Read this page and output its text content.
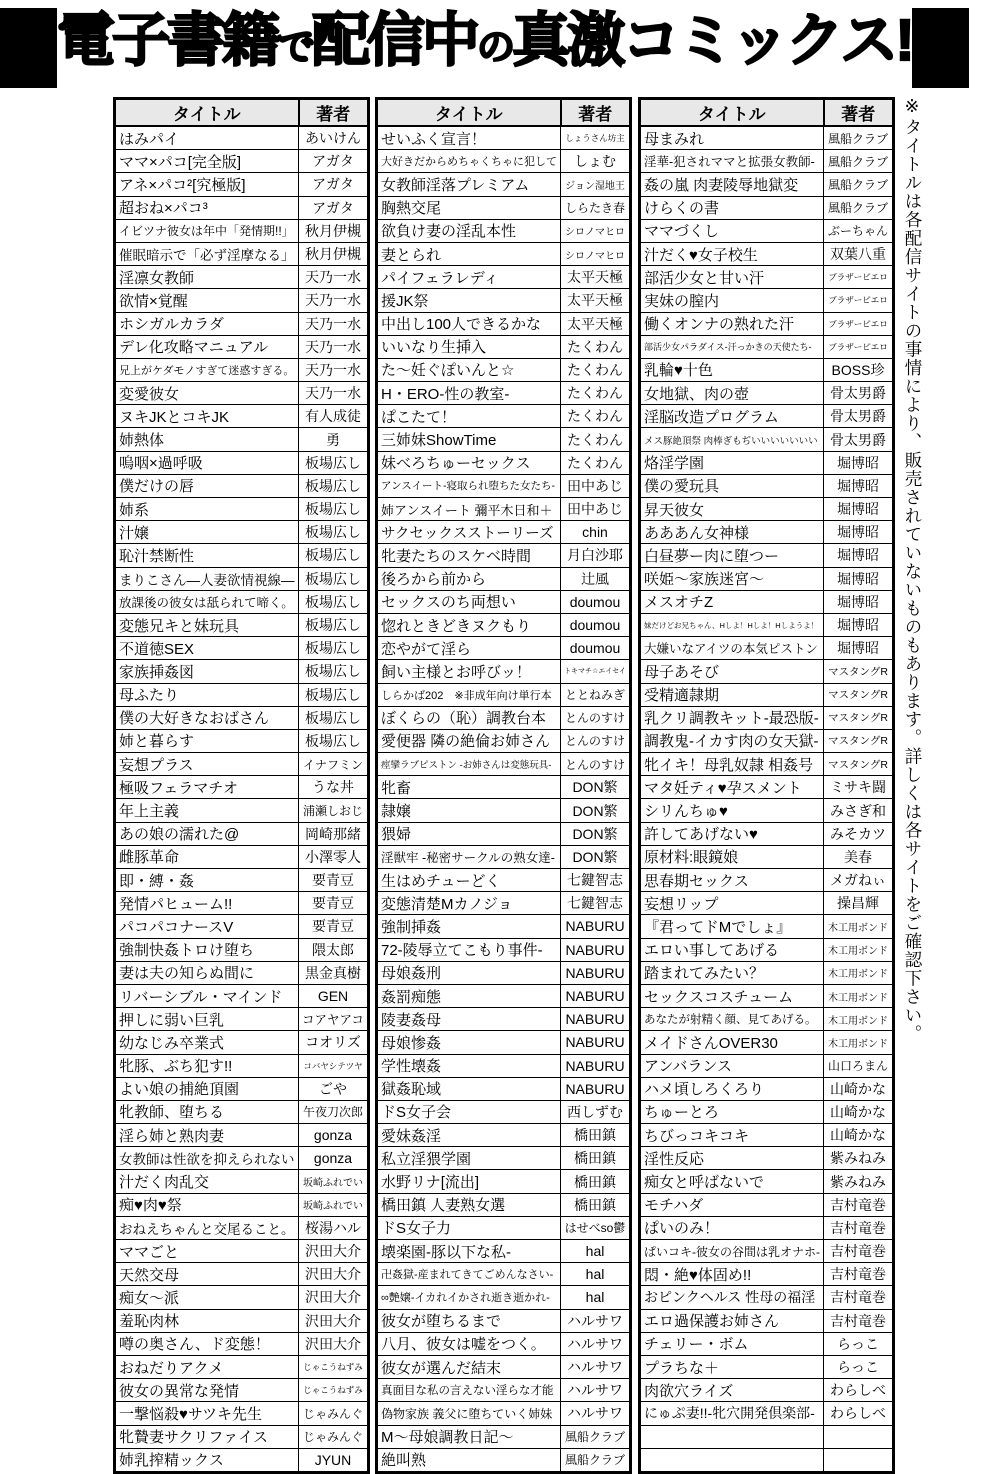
電子書籍で配信中の真激コミックス!
タイトル	著者

はみパイ	あいけん

ママ×パコ[完全版]	アガタ

アネ×パコ²[究極版]	アガタ

超おね×パコ³	アガタ

イビツナ彼女は年中「発情期!!」	秋月伊槻

催眠暗示で「必ず淫摩なる」	秋月伊槻

淫凛女教師	天乃一水

欲情×覚醒	天乃一水

ホシガルカラダ	天乃一水

デレ化攻略マニュアル	天乃一水

兄上がケダモノすぎて迷惑すぎる。	天乃一水

変愛彼女	天乃一水

ヌキJKとコキJK	有人成徒

姉熱体	勇

嗚咽×過呼吸	板場広し

僕だけの唇	板場広し

姉系	板場広し

汁嬢	板場広し

恥汁禁断性	板場広し

まりこさん―人妻欲情視線―	板場広し

放課後の彼女は舐られて啼く。	板場広し

変態兄キと妹玩具	板場広し

不道徳SEX	板場広し

家族挿姦図	板場広し

母ふたり	板場広し

僕の大好きなおばさん	板場広し

姉と暮らす	板場広し

妄想プラス	イナフミン

極吸フェラマチオ	うな丼

年上主義	浦瀬しおじ

あの娘の濡れた@	岡崎那緒

雌豚革命	小澤零人

即・縛・姦	要青豆

発情パヒューム!!	要青豆

パコパコナースV	要青豆

強制快姦トロけ堕ち	隈太郎

妻は夫の知らぬ間に	黒金真樹

リバーシブル・マインド	GEN

押しに弱い巨乳	コアヤアコ

幼なじみ卒業式	コオリズ

牝豚、ぶち犯す!!	コバヤシテツヤ

よい娘の捕絶頂園	ごや

牝教師、堕ちる	午夜刀次郎

淫ら姉と熟肉妻	gonza

女教師は性欲を抑えられない	gonza

汁だく肉乱交	坂崎ふれでい

痴♥肉♥祭	坂崎ふれでい

おねえちゃんと交尾ること。	桜湯ハル

ママごと	沢田大介

天然交母	沢田大介

痴女～派	沢田大介

羞恥肉林	沢田大介

噂の奥さん、ド変態！	沢田大介

おねだりアクメ	じゃこうねずみ

彼女の異常な発情	じゃこうねずみ

一撃悩殺♥サツキ先生	じゃみんぐ

牝贄妻サクリファイス	じゃみんぐ

姉乳搾精ックス	JYUN
タイトル	著者

せいふく宣言！	しょうさん坊主

大好きだからめちゃくちゃに犯して	しょむ

女教師淫落プレミアム	ジョン湿地王

胸熱交尾	しらたき春

欲負け妻の淫乱本性	シロノマヒロ

妻とられ	シロノマヒロ

パイフェラレディ	太平天極

援JK祭	太平天極

中出し100人できるかな	太平天極

いいなり生挿入	たくわん

た～妊ぐぽいんと☆	たくわん

H・ERO-性の教室-	たくわん

ぱこたて！	たくわん

三姉妹ShowTime	たくわん

妹べろちゅーセックス	たくわん

アンスイート-寝取られ堕ちた女たち-	田中あじ

姉アンスイート 彌平木日和＋	田中あじ

サクセックスストーリーズ	chin

牝妻たちのスケベ時間	月白沙耶

後ろから前から	辻風

セックスのち両想い	doumou

惚れときどきヌクもり	doumou

恋やがて淫ら	doumou

飼い主様とお呼びッ！	トキマチ☆エイセイ

しらかば202　※非成年向け単行本	ととねみぎ

ぼくらの（恥）調教台本	とんのすけ

愛便器 隣の絶倫お姉さん	とんのすけ

痙攣ラブピストン -お姉さんは変態玩具-	とんのすけ

牝畜	DON繁

隷嬢	DON繁

猥婦	DON繁

淫獣牢 -秘密サークルの熟女達-	DON繁

生はめチューどく	七鍵智志

変態清楚Mカノジョ	七鍵智志

強制挿姦	NABURU

72-陵辱立てこもり事件-	NABURU

母娘姦刑	NABURU

姦罰痴態	NABURU

陵妻姦母	NABURU

母娘惨姦	NABURU

学性壊姦	NABURU

獄姦恥域	NABURU

ドS女子会	西しずむ

愛妹姦淫	橋田鎮

私立淫猥学園	橋田鎮

水野リナ[流出]	橋田鎮

橋田鎮 人妻熟女選	橋田鎮

ドS女子力	はせべso鬱

壊楽園-豚以下な私-	hal

卍姦獄-産まれてきてごめんなさい-	hal

∞艶嬢-イカれイかされ逝き逝かれ-	hal

彼女が堕ちるまで	ハルサワ

八月、彼女は嘘をつく。	ハルサワ

彼女が選んだ結末	ハルサワ

真面目な私の言えない淫らな才能	ハルサワ

偽物家族 義父に堕ちていく姉妹	ハルサワ

M～母娘調教日記～	風船クラブ

絶叫熟	風船クラブ
タイトル	著者

母まみれ	風船クラブ

淫華-犯されママと拡張女教師-	風船クラブ

姦の嵐 肉妻陵辱地獄変	風船クラブ

けらくの書	風船クラブ

ママづくし	ぶーちゃん

汁だく♥女子校生	双葉八重

部活少女と甘い汗	ブラザーピエロ

実妹の膣内	ブラザーピエロ

働くオンナの熟れた汗	ブラザーピエロ

部活少女パラダイス-汗っかきの天使たち-	ブラザーピエロ

乳輪♥十色	BOSS珍

女地獄、肉の壺	骨太男爵

淫脳改造プログラム	骨太男爵

メス豚絶頂祭 肉棒ぎもぢいいいいいいい	骨太男爵

烙淫学園	堀博昭

僕の愛玩具	堀博昭

昇天彼女	堀博昭

あああん女神様	堀博昭

白昼夢ー肉に堕つー	堀博昭

咲姫～家族迷宮～	堀博昭

メスオチZ	堀博昭

妹だけどお兄ちゃん、Hしよ！Hしよ！Hしようよ！	堀博昭

大嫌いなアイツの本気ピストン	堀博昭

母子あそび	マスタングR

受精適隷期	マスタングR

乳クリ調教キット-最恐版-	マスタングR

調教鬼-イカす肉の女天獄-	マスタングR

牝イキ！母乳奴隷 相姦号	マスタングR

マタ妊ティ♥孕スメント	ミサキ闘

シリんちゅ♥	みさぎ和

許してあげない♥	みそカツ

原材料:眼鏡娘	美春

思春期セックス	メガねぃ

妄想リップ	操昌輝

『君ってドMでしょ』	木工用ボンド

エロい事してあげる	木工用ボンド

踏まれてみたい？	木工用ボンド

セックスコスチューム	木工用ボンド

あなたが射精く顔、見てあげる。	木工用ボンド

メイドさんOVER30	木工用ボンド

アンバランス	山口ろまん

ハメ頃しろくろり	山崎かな

ちゅーとろ	山崎かな

ちびっコキコキ	山崎かな

淫性反応	紫みねみ

痴女と呼ばないで	紫みねみ

モチハダ	吉村竜巻

ぱいのみ！	吉村竜巻

ぱいコキ-彼女の谷間は乳オナホ-	吉村竜巻

悶・絶♥体固め!!	吉村竜巻

おピンクヘルス 性母の福淫	吉村竜巻

エロ過保護お姉さん	吉村竜巻

チェリー・ボム	らっこ

プラちな＋	らっこ

肉欲穴ライズ	わらしべ

にゅぷ妻!!-牝穴開発倶楽部-	わらしべ

※タイトルは各配信サイトの事情により、販売されていないものもあります。詳しくは各サイトをご確認下さい。
